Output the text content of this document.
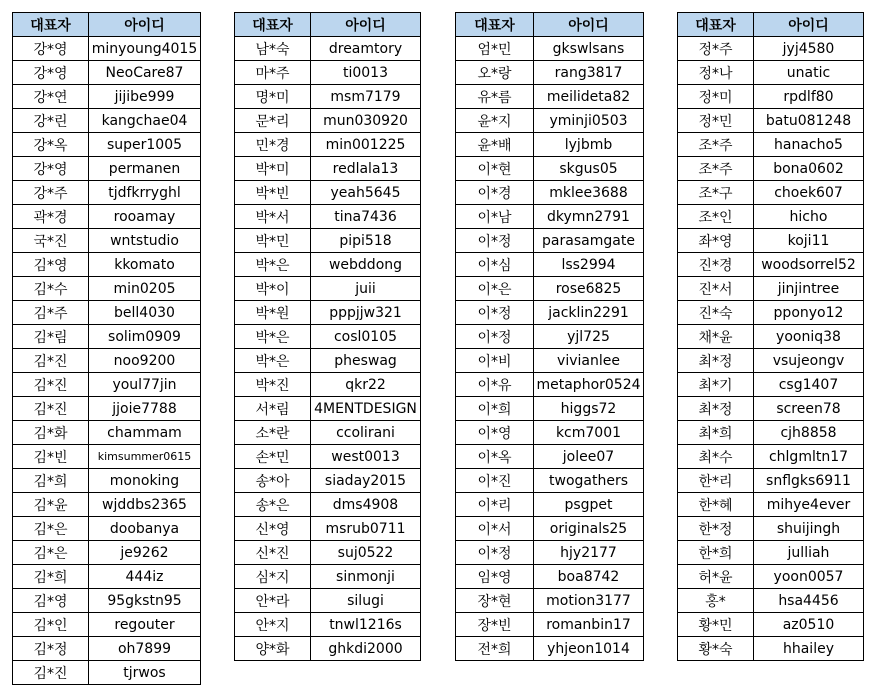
대표자	아이디
강*영	minyoung4015
강*영	NeoCare87
강*연	jijibe999
강*린	kangchae04
강*옥	super1005
강*영	permanen
강*주	tjdfkrryghl
곽*경	rooamay
국*진	wntstudio
김*영	kkomato
김*수	min0205
김*주	bell4030
김*림	solim0909
김*진	noo9200
김*진	youl77jin
김*진	jjoie7788
김*화	chammam
김*빈	kimsummer0615
김*희	monoking
김*윤	wjddbs2365
김*은	doobanya
김*은	je9262
김*희	444iz
김*영	95gkstn95
김*인	regouter
김*정	oh7899
김*진	tjrwos
대표자	아이디
남*숙	dreamtory
마*주	ti0013
명*미	msm7179
문*리	mun030920
민*경	min001225
박*미	redlala13
박*빈	yeah5645
박*서	tina7436
박*민	pipi518
박*은	webddong
박*이	juii
박*원	pppjjw321
박*은	cosl0105
박*은	pheswag
박*진	qkr22
서*림	4MENTDESIGN
소*란	ccolirani
손*민	west0013
송*아	siaday2015
송*은	dms4908
신*영	msrub0711
신*진	suj0522
심*지	sinmonji
안*라	silugi
안*지	tnwl1216s
양*화	ghkdi2000
대표자	아이디
엄*민	gkswlsans
오*랑	rang3817
유*름	meilideta82
윤*지	yminji0503
윤*배	lyjbmb
이*현	skgus05
이*경	mklee3688
이*남	dkymn2791
이*정	parasamgate
이*심	lss2994
이*은	rose6825
이*정	jacklin2291
이*정	yjl725
이*비	vivianlee
이*유	metaphor0524
이*희	higgs72
이*영	kcm7001
이*옥	jolee07
이*진	twogathers
이*리	psgpet
이*서	originals25
이*정	hjy2177
임*영	boa8742
장*현	motion3177
장*빈	romanbin17
전*희	yhjeon1014
대표자	아이디
정*주	jyj4580
정*나	unatic
정*미	rpdlf80
정*민	batu081248
조*주	hanacho5
조*주	bona0602
조*구	choek607
조*인	hicho
좌*영	koji11
진*경	woodsorrel52
진*서	jinjintree
진*숙	pponyo12
채*윤	yooniq38
최*정	vsujeongv
최*기	csg1407
최*정	screen78
최*희	cjh8858
최*수	chlgmltn17
한*리	snflgks6911
한*혜	mihye4ever
한*정	shuijingh
한*희	julliah
허*윤	yoon0057
홍*	hsa4456
황*민	az0510
황*숙	hhailey
